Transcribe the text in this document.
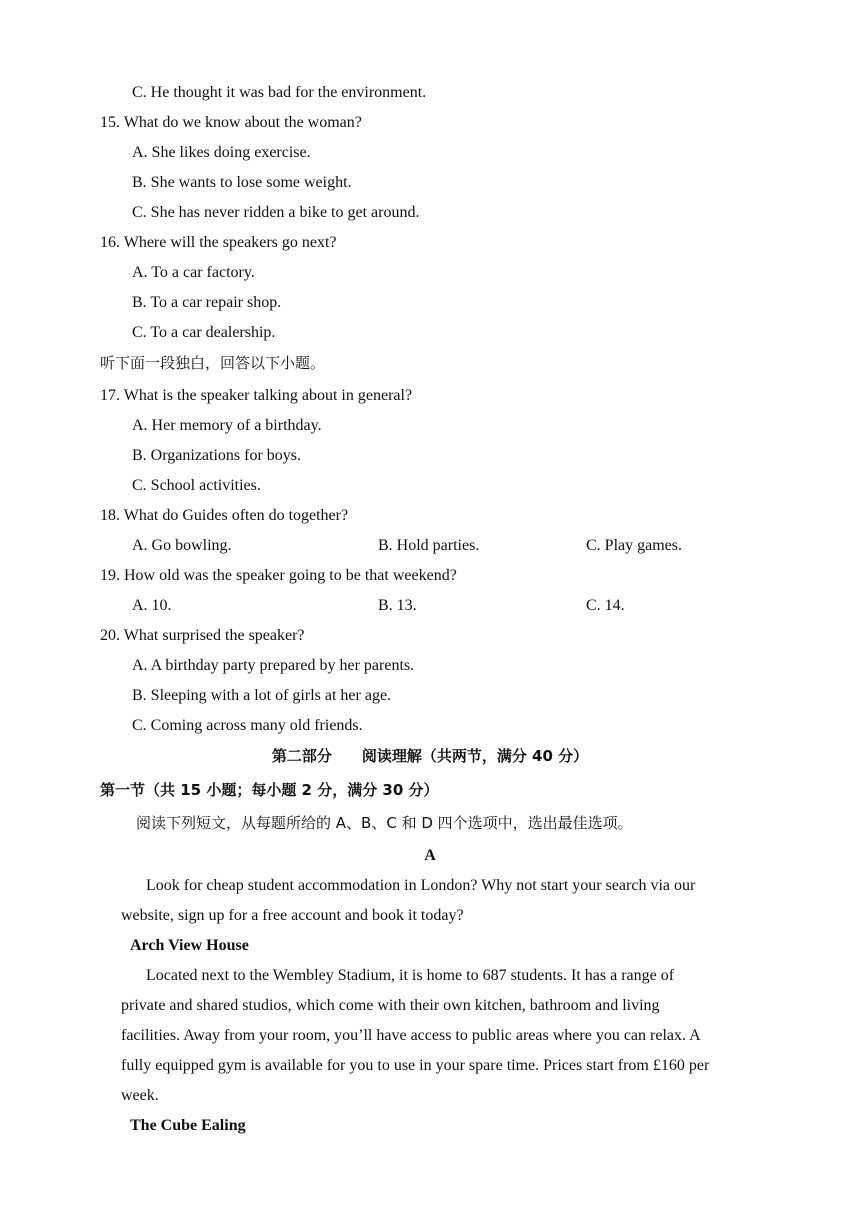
C. He thought it was bad for the environment.
15. What do we know about the woman?
A. She likes doing exercise.
B. She wants to lose some weight.
C. She has never ridden a bike to get around.
16. Where will the speakers go next?
A. To a car factory.
B. To a car repair shop.
C. To a car dealership.
听下面一段独白，回答以下小题。
17. What is the speaker talking about in general?
A. Her memory of a birthday.
B. Organizations for boys.
C. School activities.
18. What do Guides often do together?
A. Go bowling.	B. Hold parties.	C. Play games.
19. How old was the speaker going to be that weekend?
A. 10.	B. 13.	C. 14.
20. What surprised the speaker?
A. A birthday party prepared by her parents.
B. Sleeping with a lot of girls at her age.
C. Coming across many old friends.
第二部分　　阅读理解（共两节，满分 40 分）
第一节（共 15 小题；每小题 2 分，满分 30 分）
阅读下列短文，从每题所给的 A、B、C 和 D 四个选项中，选出最佳选项。
A
Look for cheap student accommodation in London? Why not start your search via our
website, sign up for a free account and book it today?
Arch View House
Located next to the Wembley Stadium, it is home to 687 students. It has a range of
private and shared studios, which come with their own kitchen, bathroom and living
facilities. Away from your room, you’ll have access to public areas where you can relax. A
fully equipped gym is available for you to use in your spare time. Prices start from £160 per
week.
The Cube Ealing
